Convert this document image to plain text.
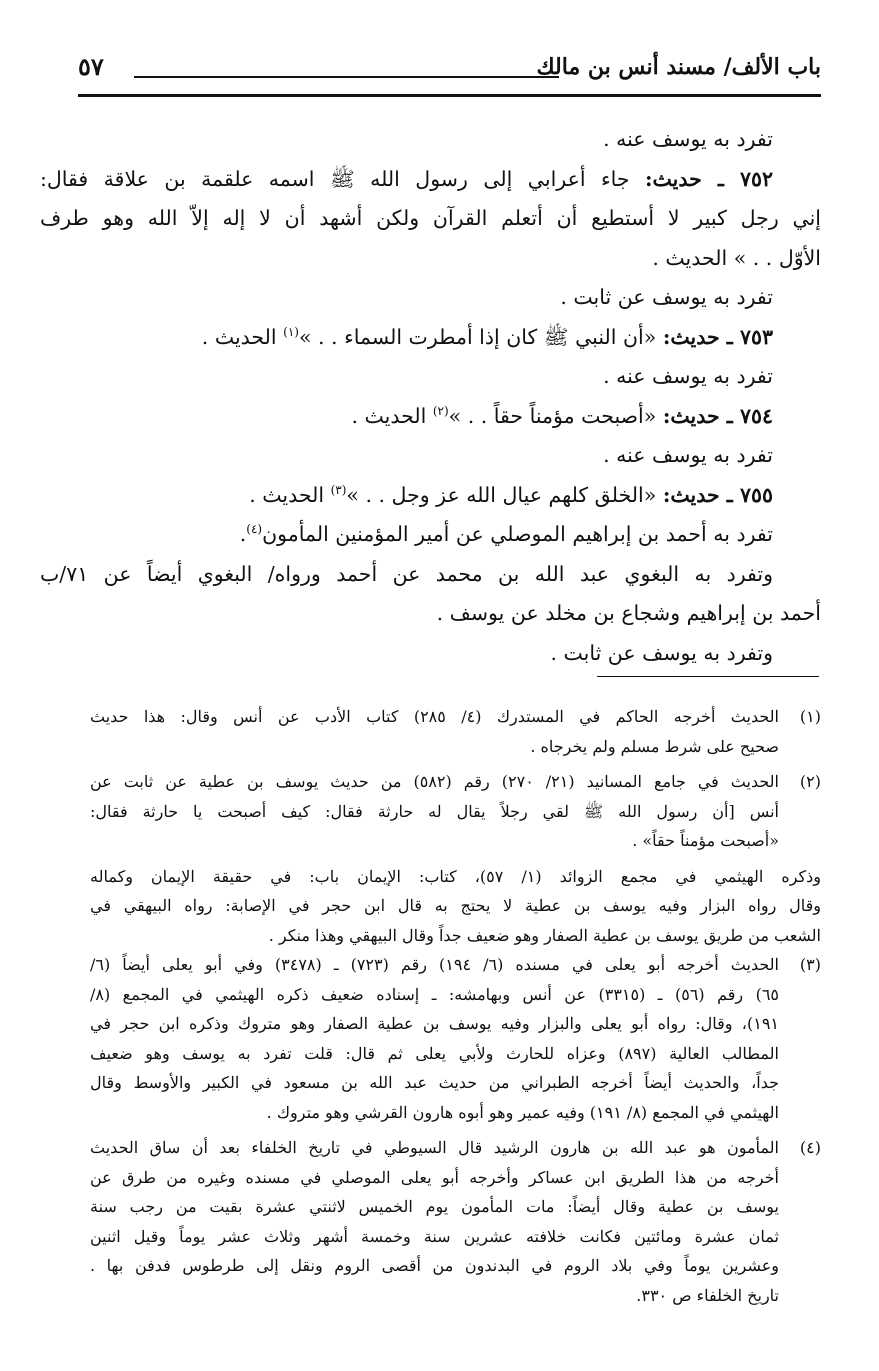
باب الألف/ مسند أنس بن مالك
٥٧
تفرد به يوسف عنه .
٧٥٢ ـ حديث: جاء أعرابي إلى رسول الله ﷺ اسمه علقمة بن علاقة فقال:
إني رجل كبير لا أستطيع أن أتعلم القرآن ولكن أشهد أن لا إله إلاّ الله وهو طرف
الأوّل . . » الحديث .
تفرد به يوسف عن ثابت .
٧٥٣ ـ حديث: «أن النبي ﷺ كان إذا أمطرت السماء . . »$^{(١)}$ الحديث .
تفرد به يوسف عنه .
٧٥٤ ـ حديث: «أصبحت مؤمناً حقاً . . »$^{(٢)}$ الحديث .
تفرد به يوسف عنه .
٧٥٥ ـ حديث: «الخلق كلهم عيال الله عز وجل . . »$^{(٣)}$ الحديث .
تفرد به أحمد بن إبراهيم الموصلي عن أمير المؤمنين المأمون$^{(٤)}$.
وتفرد به البغوي عبد الله بن محمد عن أحمد ورواه/ البغوي أيضاً عن ٧١/ب
أحمد بن إبراهيم وشجاع بن مخلد عن يوسف .
وتفرد به يوسف عن ثابت .
(١)
الحديث أخرجه الحاكم في المستدرك (٤/ ٢٨٥) كتاب الأدب عن أنس وقال: هذا حديث
صحيح على شرط مسلم ولم يخرجاه .
(٢)
الحديث في جامع المسانيد (٢١/ ٢٧٠) رقم (٥٨٢) من حديث يوسف بن عطية عن ثابت عن
أنس [أن رسول الله ﷺ لقي رجلاً يقال له حارثة فقال: كيف أصبحت يا حارثة فقال:
«أصبحت مؤمناً حقاً» .
وذكره الهيثمي في مجمع الزوائد (١/ ٥٧)، كتاب: الإيمان باب: في حقيقة الإيمان وكماله
وقال رواه البزار وفيه يوسف بن عطية لا يحتج به قال ابن حجر في الإصابة: رواه البيهقي في
الشعب من طريق يوسف بن عطية الصفار وهو ضعيف جداً وقال البيهقي وهذا منكر .
(٣)
الحديث أخرجه أبو يعلى في مسنده (٦/ ١٩٤) رقم (٧٢٣) ـ (٣٤٧٨) وفي أبو يعلى أيضاً (٦/
٦٥) رقم (٥٦) ـ (٣٣١٥) عن أنس وبهامشه: ـ إسناده ضعيف ذكره الهيثمي في المجمع (٨/
١٩١)، وقال: رواه أبو يعلى والبزار وفيه يوسف بن عطية الصفار وهو متروك وذكره ابن حجر في
المطالب العالية (٨٩٧) وعزاه للحارث ولأبي يعلى ثم قال: قلت تفرد به يوسف وهو ضعيف
جداً، والحديث أيضاً أخرجه الطبراني من حديث عبد الله بن مسعود في الكبير والأوسط وقال
الهيثمي في المجمع (٨/ ١٩١) وفيه عمير وهو أبوه هارون القرشي وهو متروك .
(٤)
المأمون هو عبد الله بن هارون الرشيد قال السيوطي في تاريخ الخلفاء بعد أن ساق الحديث
أخرجه من هذا الطريق ابن عساكر وأخرجه أبو يعلى الموصلي في مسنده وغيره من طرق عن
يوسف بن عطية وقال أيضاً: مات المأمون يوم الخميس لاثنتي عشرة بقيت من رجب سنة
ثمان عشرة ومائتين فكانت خلافته عشرين سنة وخمسة أشهر وثلاث عشر يوماً وقيل اثنين
وعشرين يوماً وفي بلاد الروم في البدندون من أقصى الروم ونقل إلى طرطوس فدفن بها .
تاريخ الخلفاء ص ٣٣٠.
